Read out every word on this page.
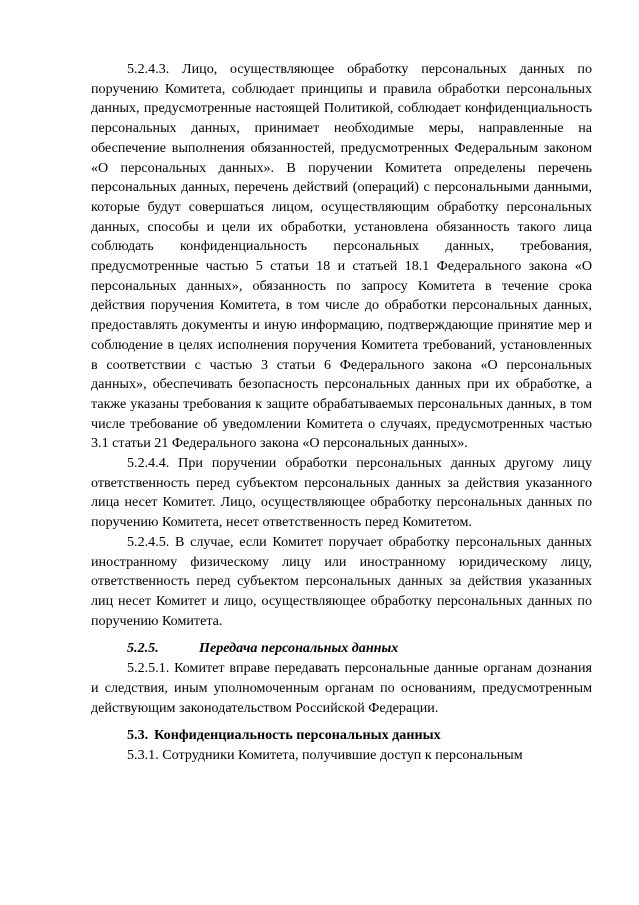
5.2.4.3. Лицо, осуществляющее обработку персональных данных по поручению Комитета, соблюдает принципы и правила обработки персональных данных, предусмотренные настоящей Политикой, соблюдает конфиденциальность персональных данных, принимает необходимые меры, направленные на обеспечение выполнения обязанностей, предусмотренных Федеральным законом «О персональных данных». В поручении Комитета определены перечень персональных данных, перечень действий (операций) с персональными данными, которые будут совершаться лицом, осуществляющим обработку персональных данных, способы и цели их обработки, установлена обязанность такого лица соблюдать конфиденциальность персональных данных, требования, предусмотренные частью 5 статьи 18 и статьей 18.1 Федерального закона «О персональных данных», обязанность по запросу Комитета в течение срока действия поручения Комитета, в том числе до обработки персональных данных, предоставлять документы и иную информацию, подтверждающие принятие мер и соблюдение в целях исполнения поручения Комитета требований, установленных в соответствии с частью 3 статьи 6 Федерального закона «О персональных данных», обеспечивать безопасность персональных данных при их обработке, а также указаны требования к защите обрабатываемых персональных данных, в том числе требование об уведомлении Комитета о случаях, предусмотренных частью 3.1 статьи 21 Федерального закона «О персональных данных».

5.2.4.4. При поручении обработки персональных данных другому лицу ответственность перед субъектом персональных данных за действия указанного лица несет Комитет. Лицо, осуществляющее обработку персональных данных по поручению Комитета, несет ответственность перед Комитетом.

5.2.4.5. В случае, если Комитет поручает обработку персональных данных иностранному физическому лицу или иностранному юридическому лицу, ответственность перед субъектом персональных данных за действия указанных лиц несет Комитет и лицо, осуществляющее обработку персональных данных по поручению Комитета.

5.2.5.	Передача персональных данных

5.2.5.1. Комитет вправе передавать персональные данные органам дознания и следствия, иным уполномоченным органам по основаниям, предусмотренным действующим законодательством Российской Федерации.

5.3. Конфиденциальность персональных данных

5.3.1. Сотрудники Комитета, получившие доступ к персональным
